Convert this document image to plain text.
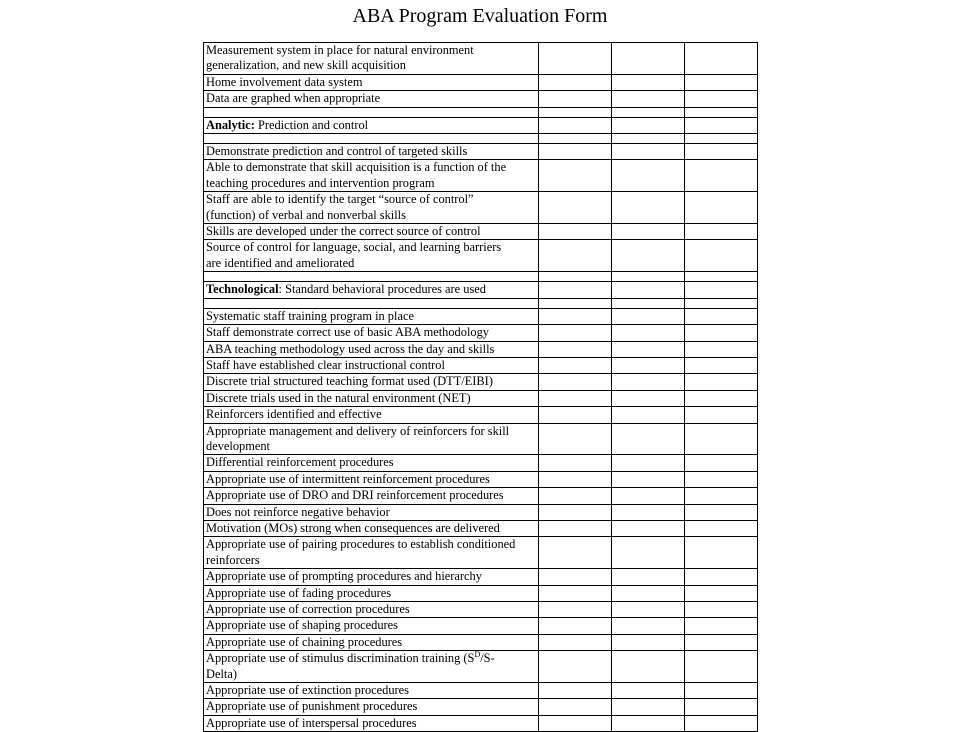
ABA Program Evaluation Form
Measurement system in place for natural environment
generalization, and new skill acquisition			
Home involvement data system			
Data are graphed when appropriate			

Analytic: Prediction and control			

Demonstrate prediction and control of targeted skills			
Able to demonstrate that skill acquisition is a function of the
teaching procedures and intervention program			
Staff are able to identify the target “source of control”
(function) of verbal and nonverbal skills			
Skills are developed under the correct source of control			
Source of control for language, social, and learning barriers
are identified and ameliorated			

Technological: Standard behavioral procedures are used			

Systematic staff training program in place			
Staff demonstrate correct use of basic ABA methodology			
ABA teaching methodology used across the day and skills			
Staff have established clear instructional control			
Discrete trial structured teaching format used (DTT/EIBI)			
Discrete trials used in the natural environment (NET)			
Reinforcers identified and effective			
Appropriate management and delivery of reinforcers for skill
development			
Differential reinforcement procedures			
Appropriate use of intermittent reinforcement procedures			
Appropriate use of DRO and DRI reinforcement procedures			
Does not reinforce negative behavior			
Motivation (MOs) strong when consequences are delivered			
Appropriate use of pairing procedures to establish conditioned
reinforcers			
Appropriate use of prompting procedures and hierarchy			
Appropriate use of fading procedures			
Appropriate use of correction procedures			
Appropriate use of shaping procedures			
Appropriate use of chaining procedures			
Appropriate use of stimulus discrimination training ($S^D/S-$
Delta)			
Appropriate use of extinction procedures			
Appropriate use of punishment procedures			
Appropriate use of interspersal procedures			
